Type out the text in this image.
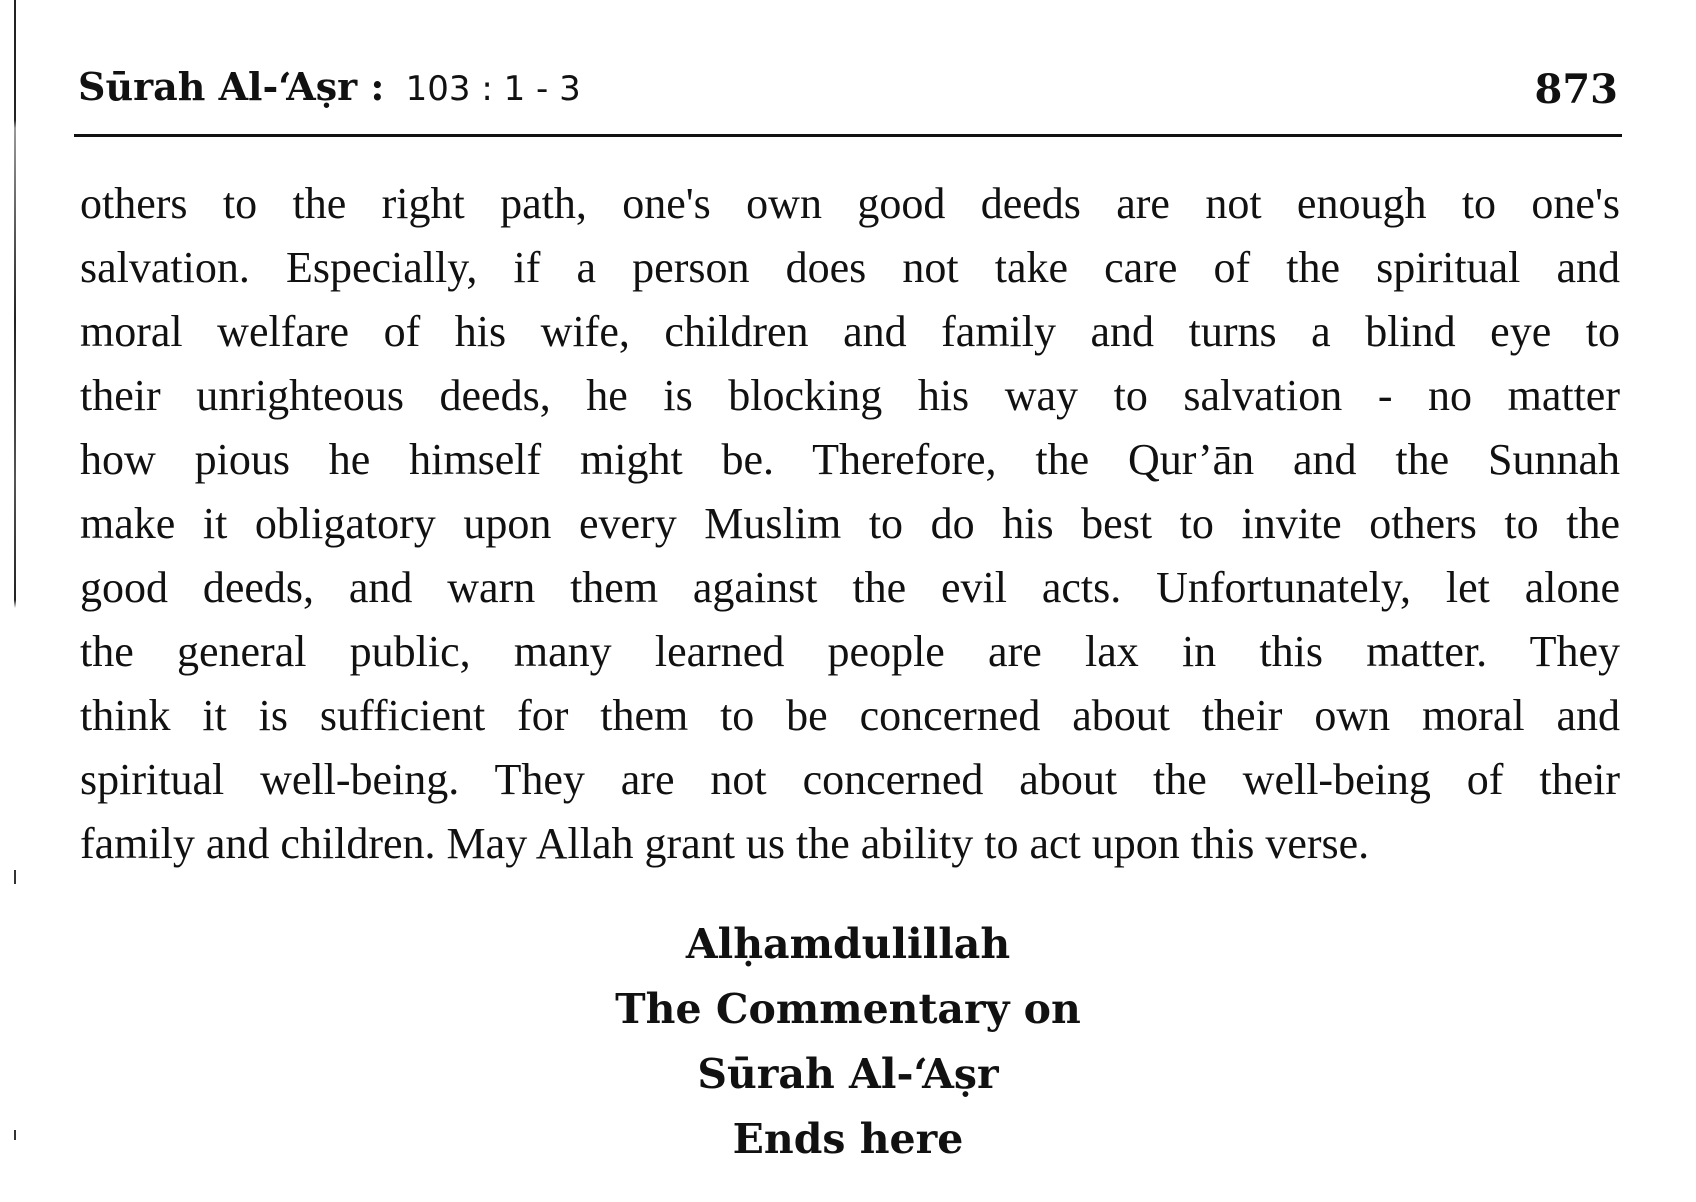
Sūrah Al-‘Aṣr : 103 : 1 - 3	873
others to the right path, one's own good deeds are not enough to one's
salvation. Especially, if a person does not take care of the spiritual and
moral welfare of his wife, children and family and turns a blind eye to
their unrighteous deeds, he is blocking his way to salvation - no matter
how pious he himself might be. Therefore, the Qur’ān and the Sunnah
make it obligatory upon every Muslim to do his best to invite others to the
good deeds, and warn them against the evil acts. Unfortunately, let alone
the general public, many learned people are lax in this matter. They
think it is sufficient for them to be concerned about their own moral and
spiritual well-being. They are not concerned about the well-being of their
family and children. May Allah grant us the ability to act upon this verse.
Alḥamdulillah
The Commentary on
Sūrah Al-‘Aṣr
Ends here
